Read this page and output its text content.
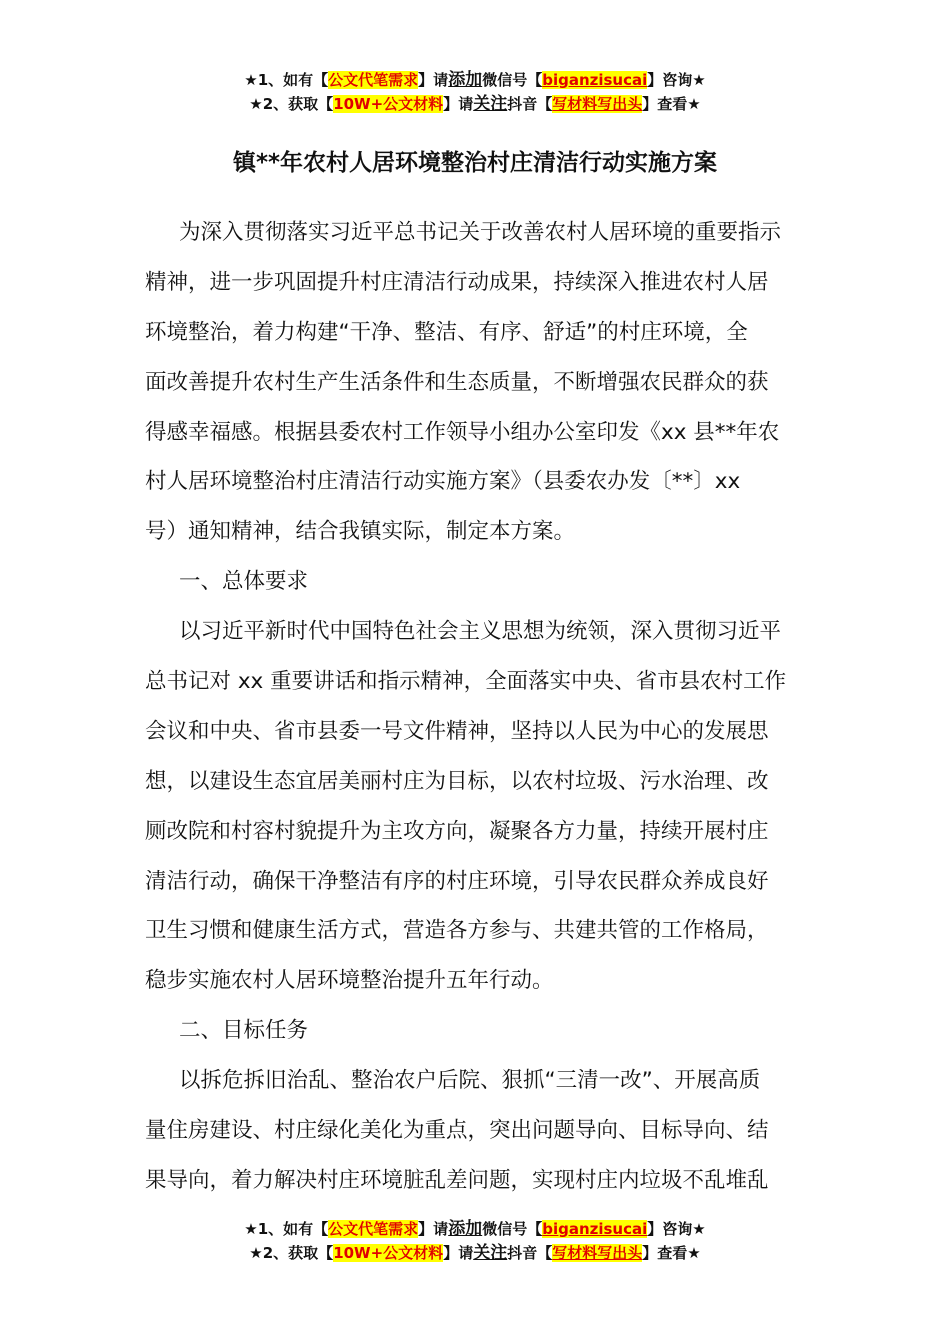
★1、如有【公文代笔需求】请添加微信号【biganzisucai】咨询★
★2、获取【10W+公文材料】请关注抖音【写材料写出头】查看★
镇**年农村人居环境整治村庄清洁行动实施方案
为深入贯彻落实习近平总书记关于改善农村人居环境的重要指示
精神，进一步巩固提升村庄清洁行动成果，持续深入推进农村人居
环境整治，着力构建“干净、整洁、有序、舒适”的村庄环境，全
面改善提升农村生产生活条件和生态质量，不断增强农民群众的获
得感幸福感。根据县委农村工作领导小组办公室印发《xx 县**年农
村人居环境整治村庄清洁行动实施方案》（县委农办发〔**〕xx
号）通知精神，结合我镇实际，制定本方案。
一、总体要求
以习近平新时代中国特色社会主义思想为统领，深入贯彻习近平
总书记对 xx 重要讲话和指示精神，全面落实中央、省市县农村工作
会议和中央、省市县委一号文件精神，坚持以人民为中心的发展思
想，以建设生态宜居美丽村庄为目标，以农村垃圾、污水治理、改
厕改院和村容村貌提升为主攻方向，凝聚各方力量，持续开展村庄
清洁行动，确保干净整洁有序的村庄环境，引导农民群众养成良好
卫生习惯和健康生活方式，营造各方参与、共建共管的工作格局，
稳步实施农村人居环境整治提升五年行动。
二、目标任务
以拆危拆旧治乱、整治农户后院、狠抓“三清一改”、开展高质
量住房建设、村庄绿化美化为重点，突出问题导向、目标导向、结
果导向，着力解决村庄环境脏乱差问题，实现村庄内垃圾不乱堆乱
★1、如有【公文代笔需求】请添加微信号【biganzisucai】咨询★
★2、获取【10W+公文材料】请关注抖音【写材料写出头】查看★
